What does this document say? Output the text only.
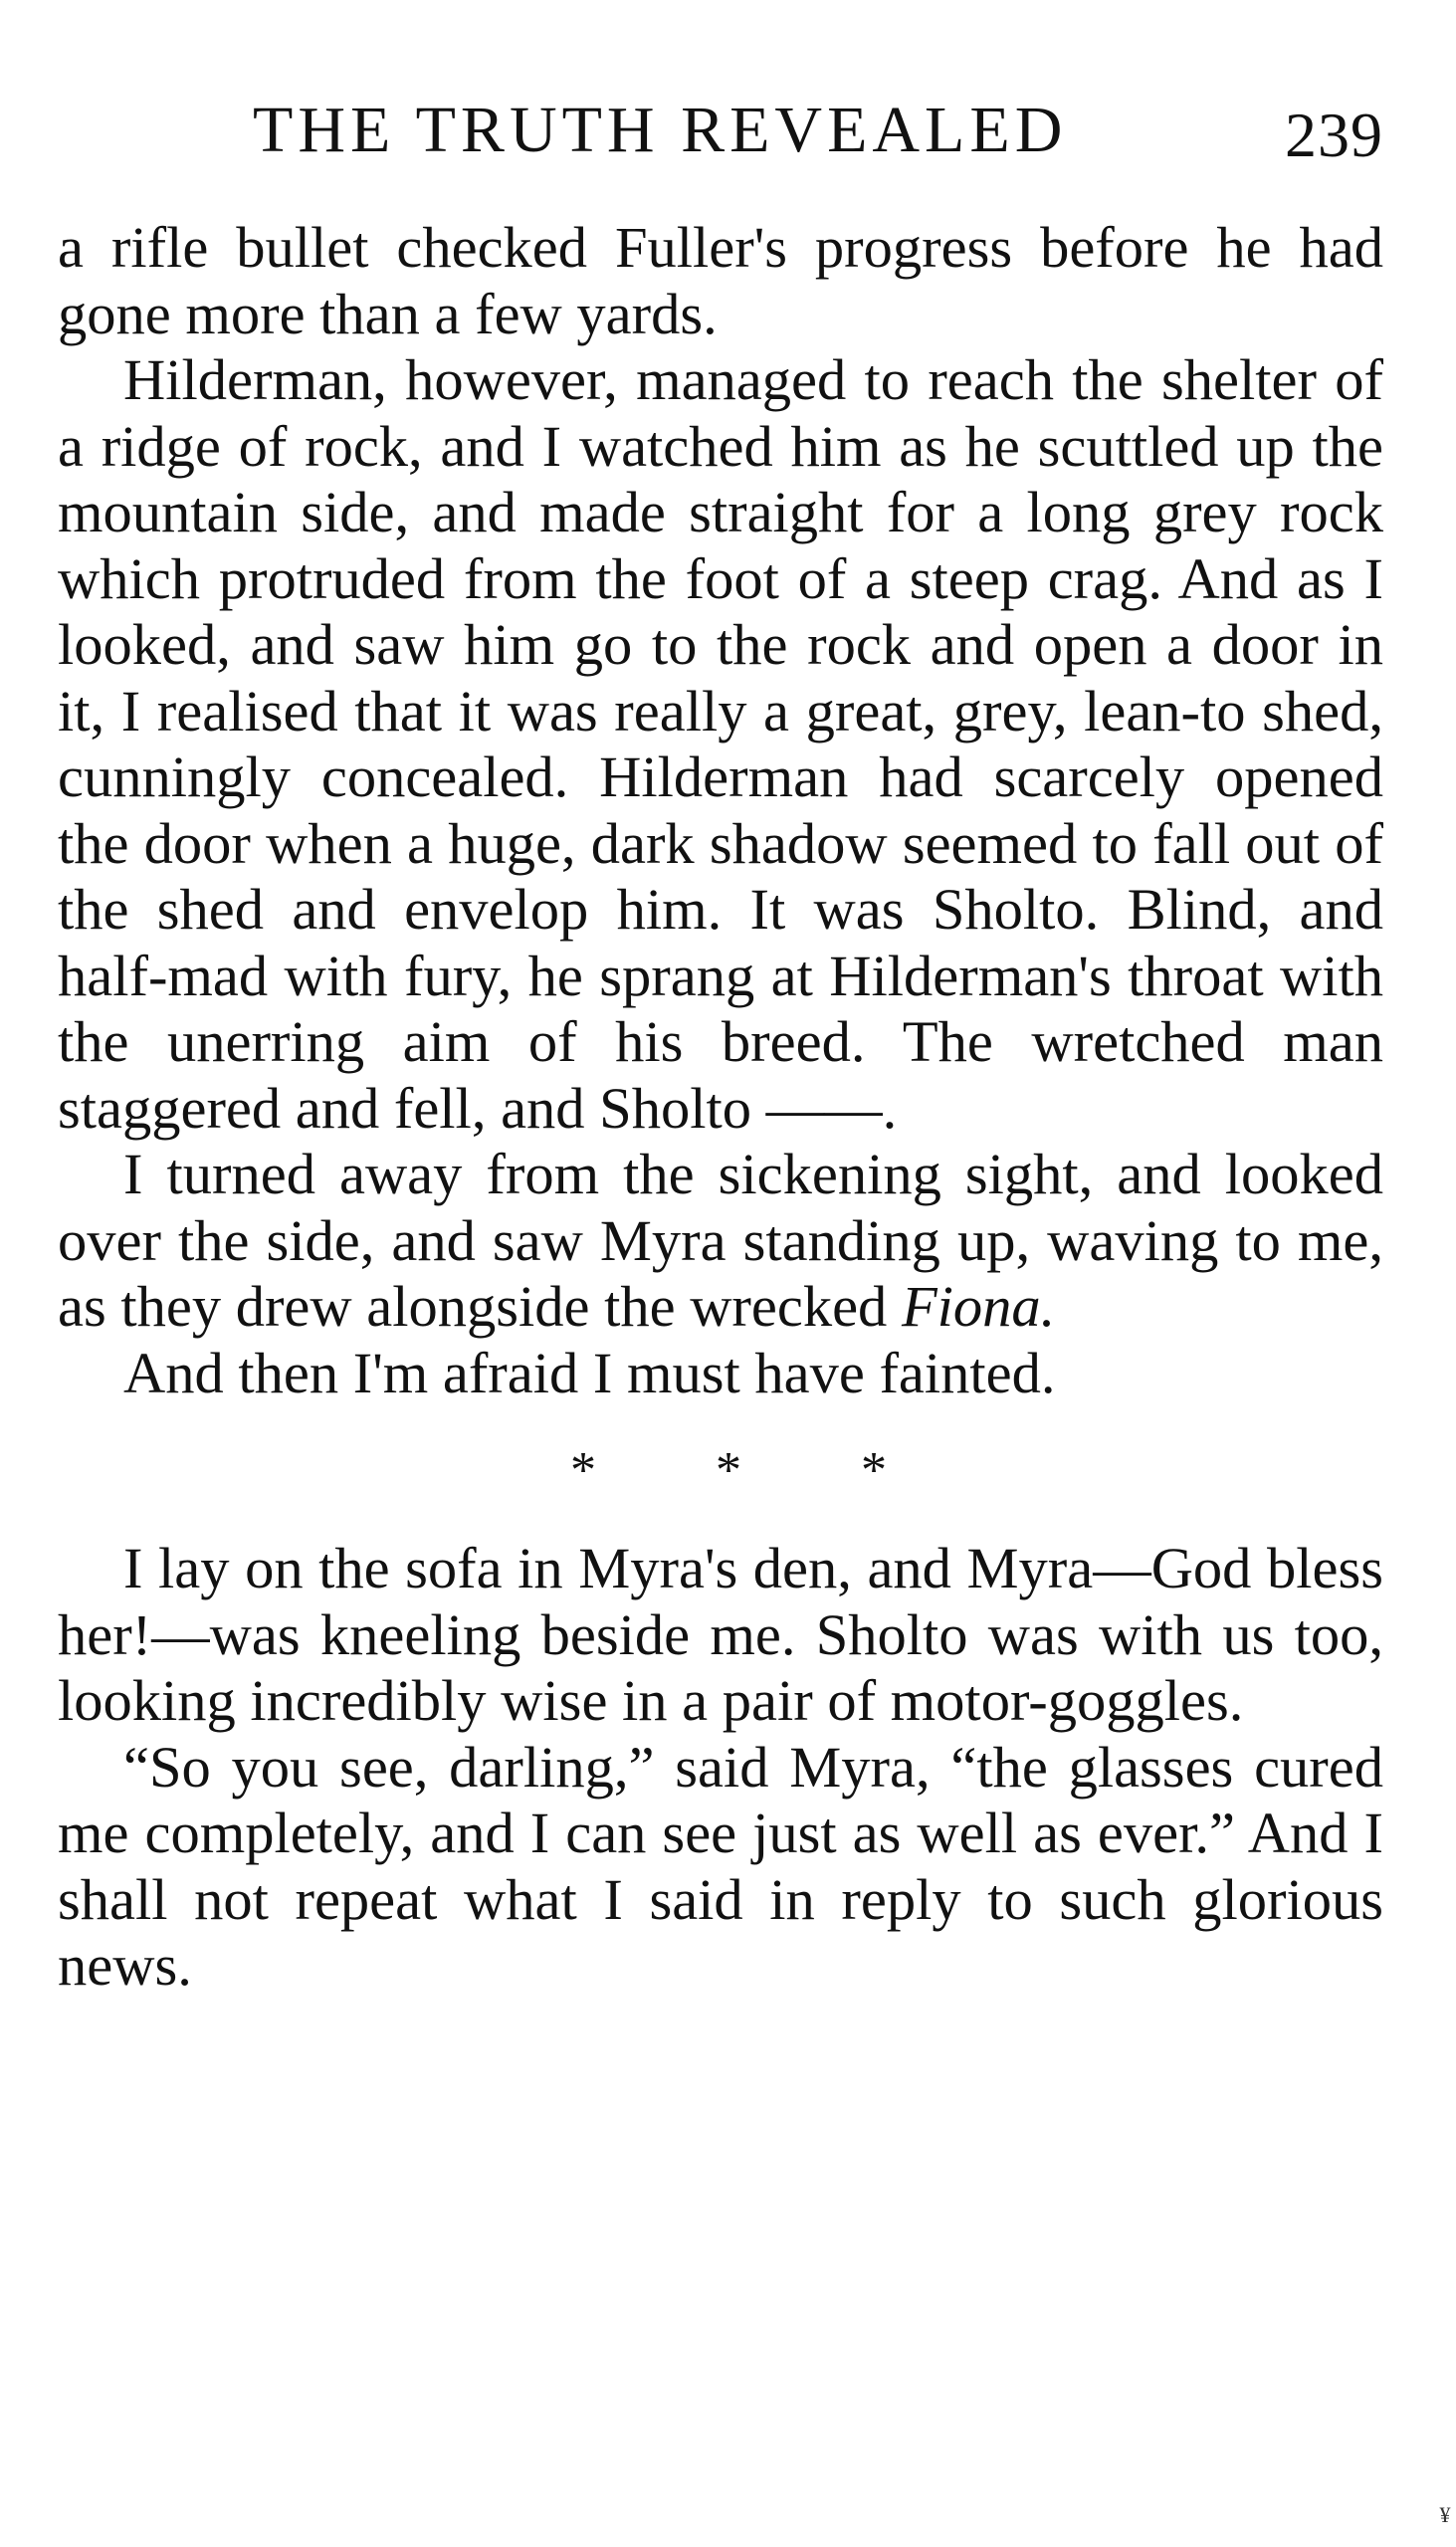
THE TRUTH REVEALED	239

a rifle bullet checked Fuller's progress before he had gone more than a few yards.

Hilderman, however, managed to reach the shelter of a ridge of rock, and I watched him as he scuttled up the mountain side, and made straight for a long grey rock which protruded from the foot of a steep crag. And as I looked, and saw him go to the rock and open a door in it, I realised that it was really a great, grey, lean-to shed, cunningly concealed. Hilderman had scarcely opened the door when a huge, dark shadow seemed to fall out of the shed and envelop him. It was Sholto. Blind, and half-mad with fury, he sprang at Hilderman's throat with the unerring aim of his breed. The wretched man staggered and fell, and Sholto ——.

I turned away from the sickening sight, and looked over the side, and saw Myra standing up, waving to me, as they drew alongside the wrecked Fiona.

And then I'm afraid I must have fainted.

* * *

I lay on the sofa in Myra's den, and Myra—God bless her!—was kneeling beside me. Sholto was with us too, looking incredibly wise in a pair of motor-goggles.

“So you see, darling,” said Myra, “the glasses cured me completely, and I can see just as well as ever.” And I shall not repeat what I said in reply to such glorious news.

¥
